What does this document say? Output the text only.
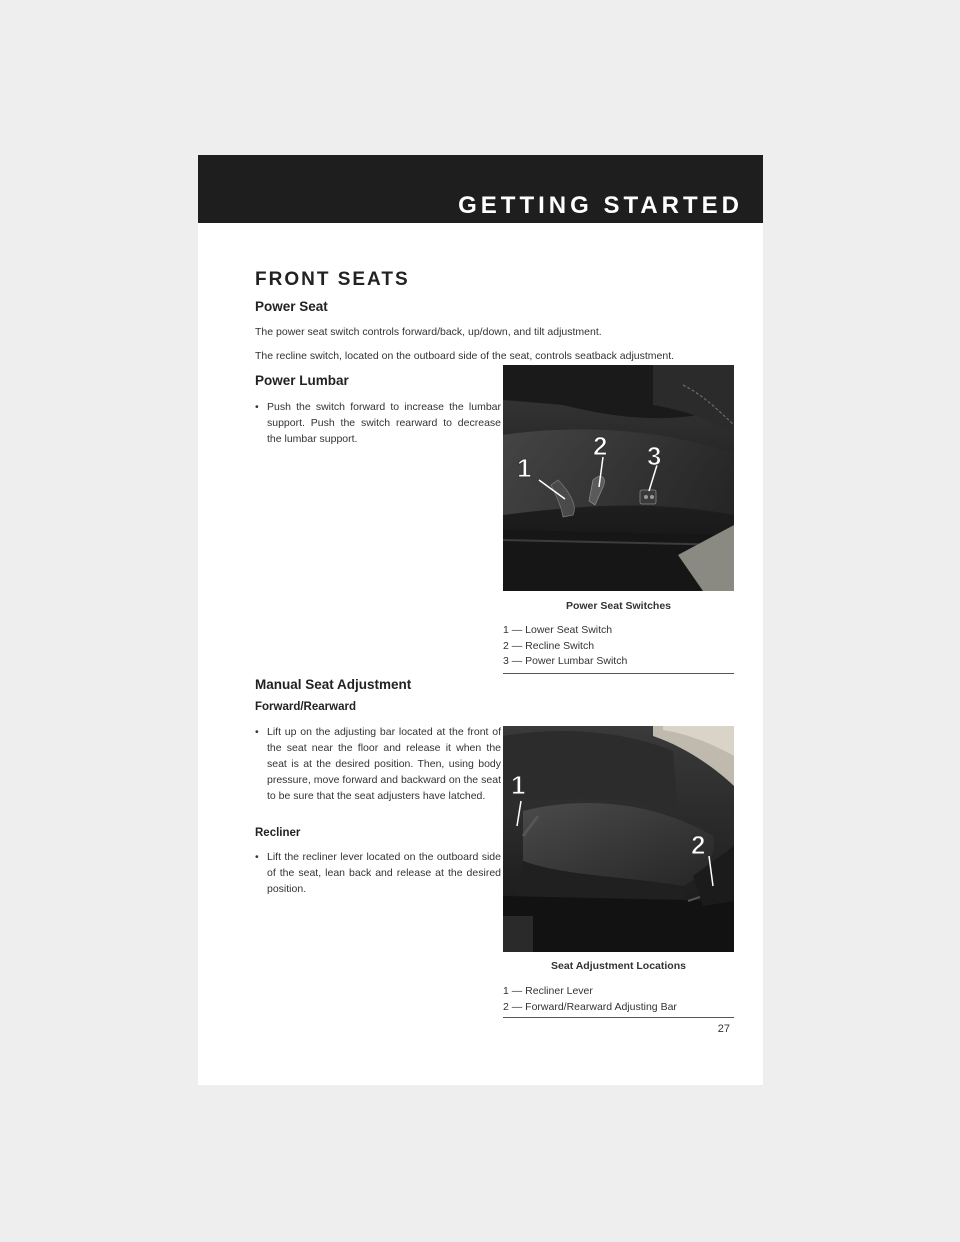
GETTING STARTED
FRONT SEATS
Power Seat

The power seat switch controls forward/back, up/down, and tilt adjustment.

The recline switch, located on the outboard side of the seat, controls seatback adjustment.

Power Lumbar

• Push the switch forward to increase the lumbar support. Push the switch rearward to decrease the lumbar support.

Manual Seat Adjustment
Forward/Rearward

• Lift up on the adjusting bar located at the front of the seat near the floor and release it when the seat is at the desired position. Then, using body pressure, move forward and backward on the seat to be sure that the seat adjusters have latched.

Recliner

• Lift the recliner lever located on the outboard side of the seat, lean back and release at the desired position.

1
2 3
Power Seat Switches
1 — Lower Seat Switch
2 — Recline Switch
3 — Power Lumbar Switch
1
2
Seat Adjustment Locations
1 — Recliner Lever
2 — Forward/Rearward Adjusting Bar
27
